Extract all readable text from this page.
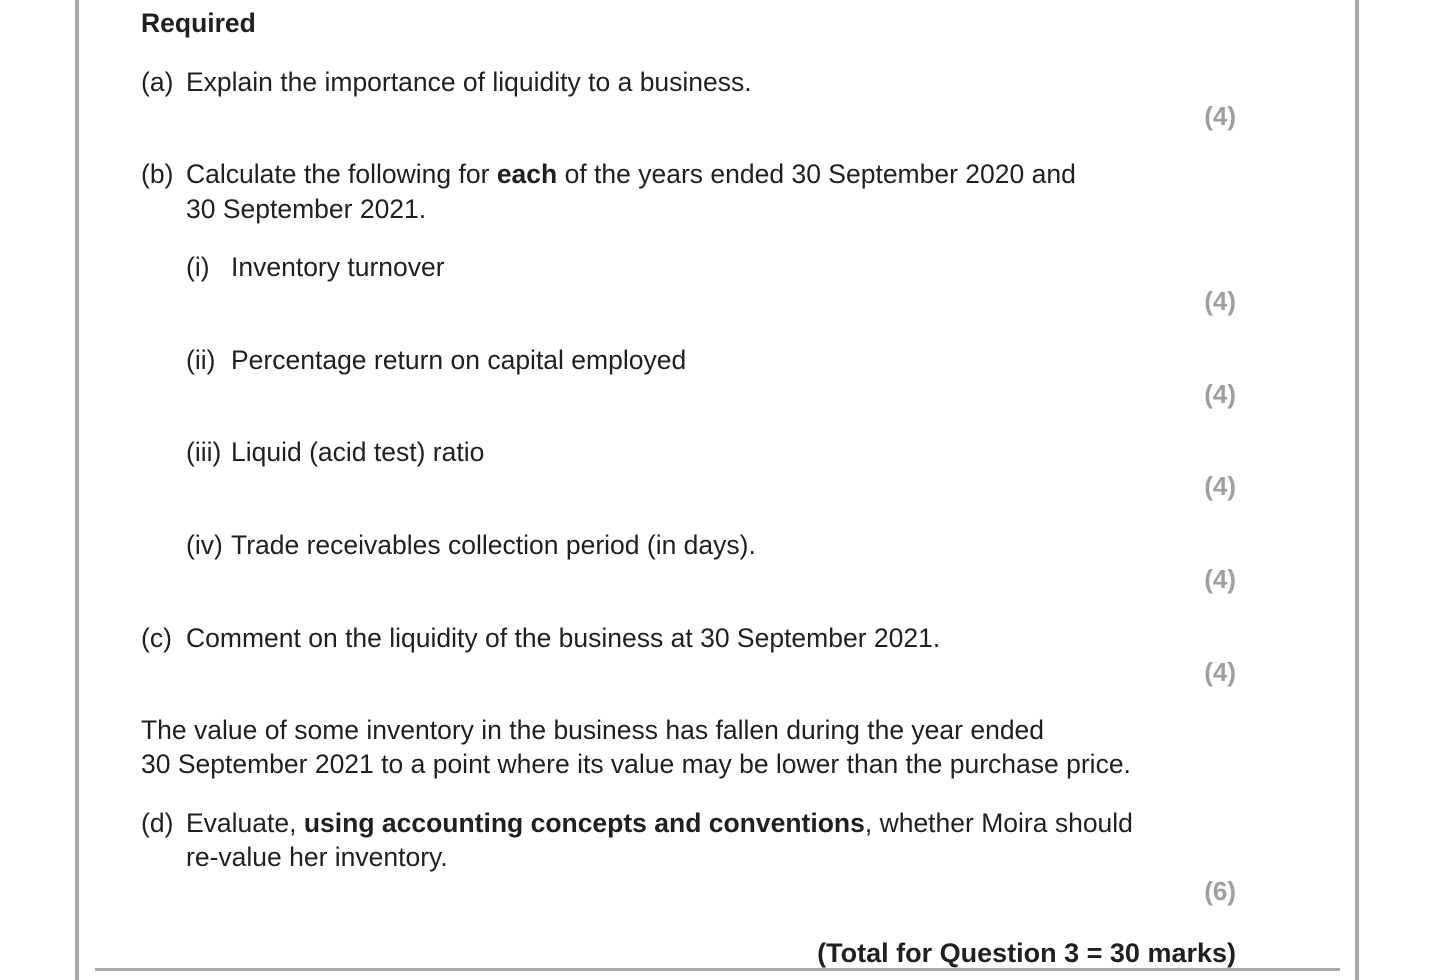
Required
(a) Explain the importance of liquidity to a business.
(4)
(b) Calculate the following for each of the years ended 30 September 2020 and
30 September 2021.
(i) Inventory turnover
(4)
(ii) Percentage return on capital employed
(4)
(iii) Liquid (acid test) ratio
(4)
(iv) Trade receivables collection period (in days).
(4)
(c) Comment on the liquidity of the business at 30 September 2021.
(4)
The value of some inventory in the business has fallen during the year ended
30 September 2021 to a point where its value may be lower than the purchase price.
(d) Evaluate, using accounting concepts and conventions, whether Moira should
re-value her inventory.
(6)
(Total for Question 3 = 30 marks)
